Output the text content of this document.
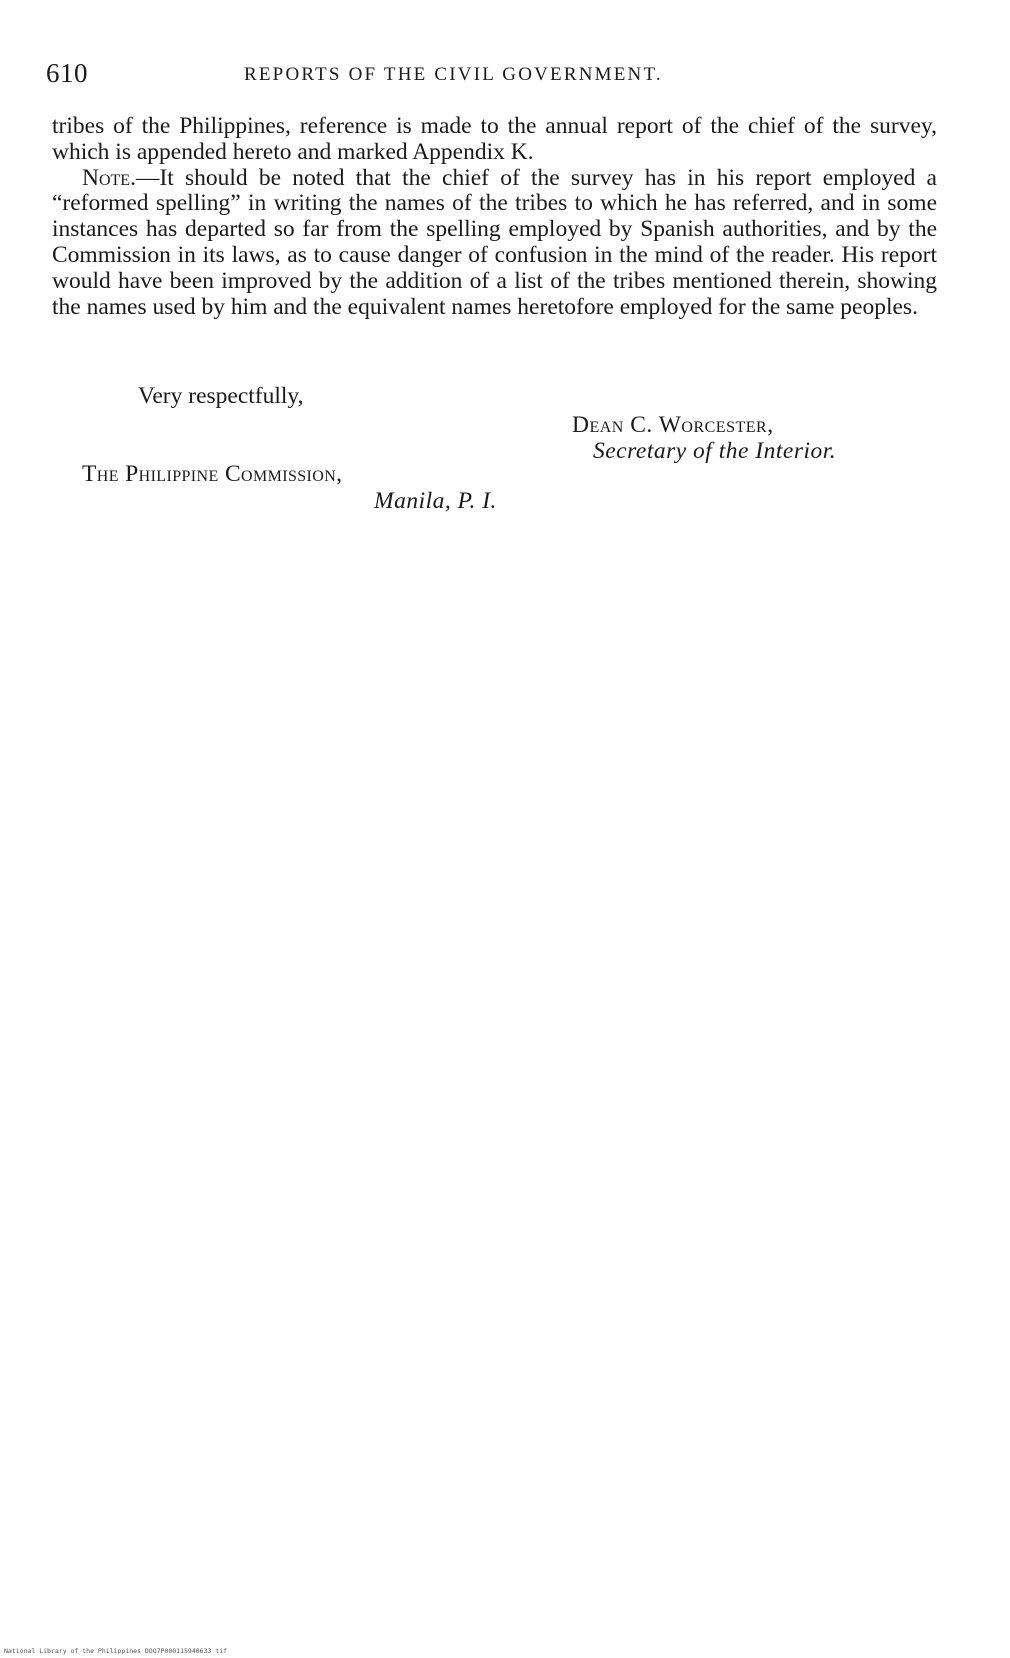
610	REPORTS OF THE CIVIL GOVERNMENT.

tribes of the Philippines, reference is made to the annual report of the chief of the survey, which is appended hereto and marked Appendix K.

Note.—It should be noted that the chief of the survey has in his report employed a “reformed spelling” in writing the names of the tribes to which he has referred, and in some instances has departed so far from the spelling employed by Spanish authorities, and by the Commission in its laws, as to cause danger of confusion in the mind of the reader. His report would have been improved by the addition of a list of the tribes mentioned therein, showing the names used by him and the equivalent names heretofore employed for the same peoples.

Very respectfully,
Dean C. Worcester,
Secretary of the Interior.
The Philippine Commission,
Manila, P. I.
National Library of the Philippines DOO7P000115940633 tif
